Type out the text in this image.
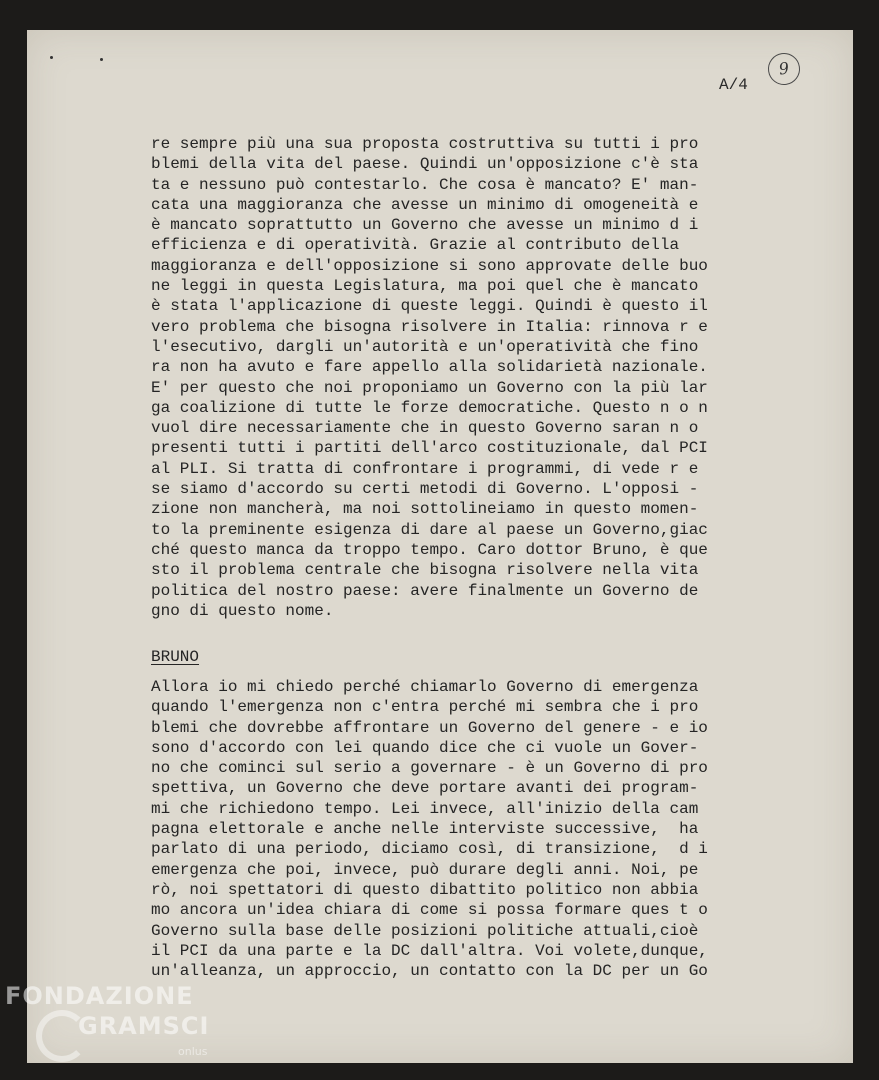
9
A/4
re sempre più una sua proposta costruttiva su tutti i pro
blemi della vita del paese. Quindi un'opposizione c'è sta
ta e nessuno può contestarlo. Che cosa è mancato? E' man-
cata una maggioranza che avesse un minimo di omogeneità e
è mancato soprattutto un Governo che avesse un minimo d i
efficienza e di operatività. Grazie al contributo della
maggioranza e dell'opposizione si sono approvate delle buo
ne leggi in questa Legislatura, ma poi quel che è mancato
è stata l'applicazione di queste leggi. Quindi è questo il
vero problema che bisogna risolvere in Italia: rinnova r e
l'esecutivo, dargli un'autorità e un'operatività che fino
ra non ha avuto e fare appello alla solidarietà nazionale.
E' per questo che noi proponiamo un Governo con la più lar
ga coalizione di tutte le forze democratiche. Questo n o n
vuol dire necessariamente che in questo Governo saran n o
presenti tutti i partiti dell'arco costituzionale, dal PCI
al PLI. Si tratta di confrontare i programmi, di vede r e
se siamo d'accordo su certi metodi di Governo. L'opposi -
zione non mancherà, ma noi sottolineiamo in questo momen-
to la preminente esigenza di dare al paese un Governo,giac
ché questo manca da troppo tempo. Caro dottor Bruno, è que
sto il problema centrale che bisogna risolvere nella vita
politica del nostro paese: avere finalmente un Governo de
gno di questo nome.
BRUNO
Allora io mi chiedo perché chiamarlo Governo di emergenza
quando l'emergenza non c'entra perché mi sembra che i pro
blemi che dovrebbe affrontare un Governo del genere - e io
sono d'accordo con lei quando dice che ci vuole un Gover-
no che cominci sul serio a governare - è un Governo di pro
spettiva, un Governo che deve portare avanti dei program-
mi che richiedono tempo. Lei invece, all'inizio della cam
pagna elettorale e anche nelle interviste successive,  ha
parlato di una periodo, diciamo così, di transizione,  d i
emergenza che poi, invece, può durare degli anni. Noi, pe
rò, noi spettatori di questo dibattito politico non abbia
mo ancora un'idea chiara di come si possa formare ques t o
Governo sulla base delle posizioni politiche attuali,cioè
il PCI da una parte e la DC dall'altra. Voi volete,dunque,
un'alleanza, un approccio, un contatto con la DC per un Go
FONDAZIONE
GRAMSCI
onlus
